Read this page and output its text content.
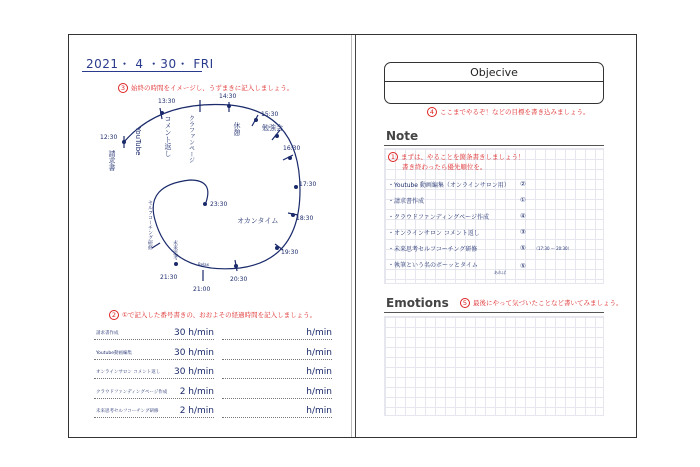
2021・ 4 ・30・ FRI
3 始終の時間をイメージし、うずまきに記入しましょう。
12:30
13:30
14:30
15:30
16:30
17:30
18:30
19:30
20:30
21:00
21:30
23:30
請求書
YouTube	コメント返し	クラファンページ	休憩	勉強会
オカンタイム
セルフコーチング研修	未来思考
Relax
2 ①で記入した番号書きの、おおよその経過時間を記入しましょう。
請求書作成	30 h/min	h/min
Youtube動画編集	30 h/min	h/min
オンラインサロン コメント返し	30 h/min	h/min
クラウドファンディングページ作成	2 h/min	h/min
未来思考セルフコーチング研修	2 h/min	h/min
Objecive
4 ここまでやるぞ！などの目標を書き込みましょう。
Note
1 まずは、やることを箇条書きしましょう！
書き終わったら優先順位を。
・Youtube 動画編集（オンラインサロン用） ②
・請求書作成	①
・クラウドファンディングページ作成	④
・オンラインサロン コメント返し	③
・未来思考セルフコーチング研修	⑤ （17:30 ～ 20:30）
・執筆という名のボーッとタイム	⑤
あれば
Emotions	5 最後にやって気づいたことなど書いてみましょう。
